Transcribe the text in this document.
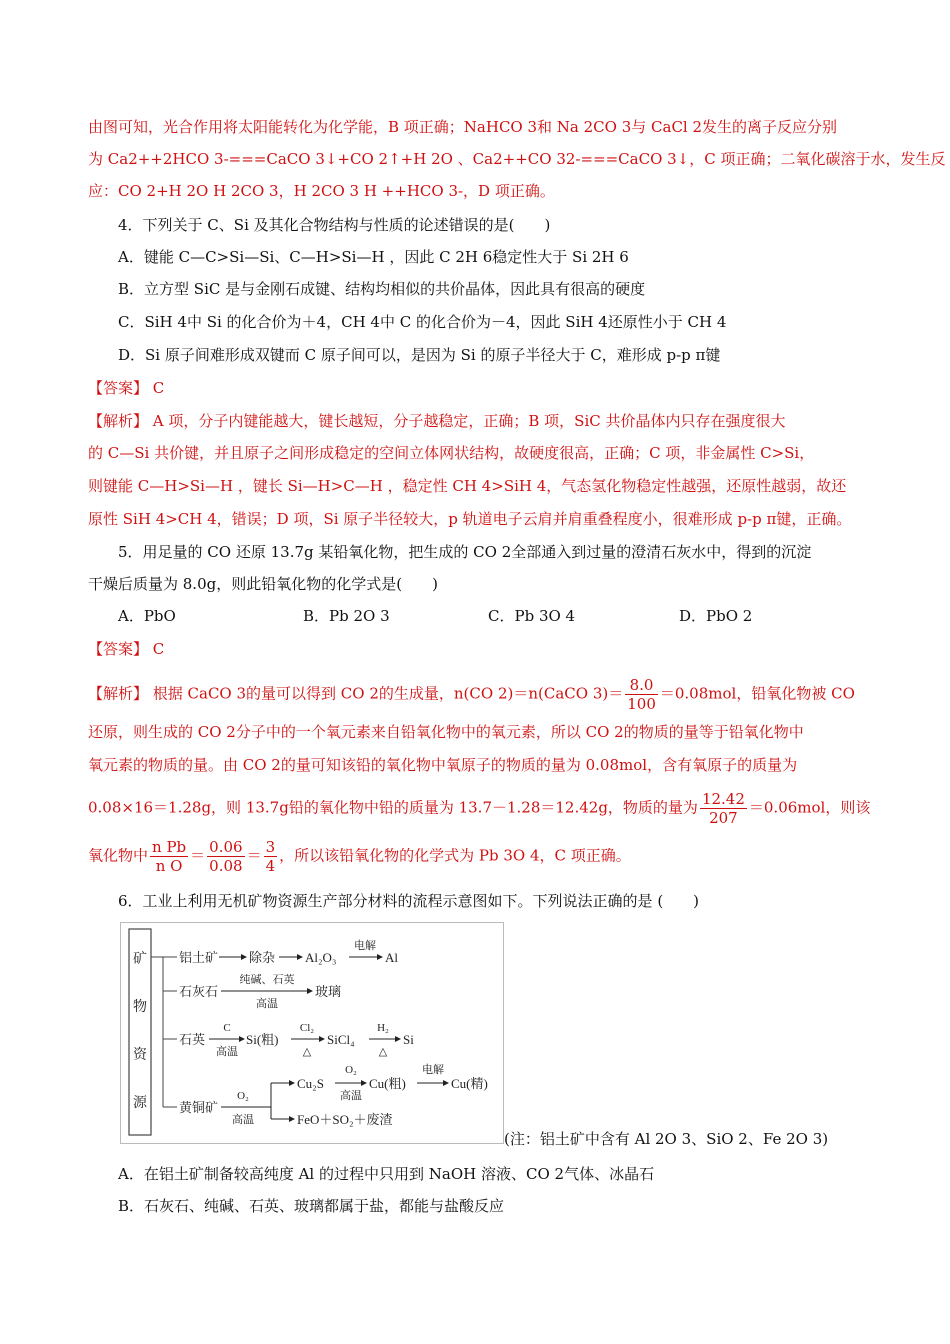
由图可知，光合作用将太阳能转化为化学能，B 项正确；NaHCO 3和 Na 2CO 3与 CaCl 2发生的离子反应分别
为 Ca2++2HCO 3-===CaCO 3↓+CO 2↑+H 2O 、Ca2++CO 32-===CaCO 3↓，C 项正确；二氧化碳溶于水，发生反
应：CO 2+H 2O H 2CO 3，H 2CO 3 H ++HCO 3-，D 项正确。
4．下列关于 C、Si 及其化合物结构与性质的论述错误的是(　　)
A．键能 C—C>Si—Si、C—H>Si—H ，因此 C 2H 6稳定性大于 Si 2H 6
B．立方型 SiC 是与金刚石成键、结构均相似的共价晶体，因此具有很高的硬度
C．SiH 4中 Si 的化合价为＋4，CH 4中 C 的化合价为－4，因此 SiH 4还原性小于 CH 4
D．Si 原子间难形成双键而 C 原子间可以，是因为 Si 的原子半径大于 C，难形成 p-p π键
【答案】 C
【解析】 A 项，分子内键能越大，键长越短，分子越稳定，正确；B 项，SiC 共价晶体内只存在强度很大
的 C—Si 共价键，并且原子之间形成稳定的空间立体网状结构，故硬度很高，正确；C 项，非金属性 C>Si，
则键能 C—H>Si—H ，键长 Si—H>C—H ，稳定性 CH 4>SiH 4，气态氢化物稳定性越强，还原性越弱，故还
原性 SiH 4>CH 4，错误；D 项，Si 原子半径较大，p 轨道电子云肩并肩重叠程度小，很难形成 p-p π键，正确。
5．用足量的 CO 还原 13.7g 某铅氧化物，把生成的 CO 2全部通入到过量的澄清石灰水中，得到的沉淀
干燥后质量为 8.0g，则此铅氧化物的化学式是(　　)
A．PbO	B．Pb 2O 3	C．Pb 3O 4	D．PbO 2
【答案】 C
【解析】 根据 CaCO 3的量可以得到 CO 2的生成量，n(CO 2)＝n(CaCO $3)= \frac{8.0}{100} =0.08mol$，铅氧化物被 CO
还原，则生成的 CO 2分子中的一个氧元素来自铅氧化物中的氧元素，所以 CO 2的物质的量等于铅氧化物中
氧元素的物质的量。由 CO 2的量可知该铅的氧化物中氧原子的物质的量为 0.08mol，含有氧原子的质量为
0.08×16＝1.28g，则 13.7g铅的氧化物中铅的质量为 13.7－1.28＝12.42g，物质的量为 $\frac{12.42}{207} =0.06mol$，则该
氧化物中 $\frac{\text{n Pb}}{\text{n O}} = \frac{0.06}{0.08} = \frac{3}{4}$ ，所以该铅氧化物的化学式为 Pb 3O 4，C 项正确。
6．工业上利用无机矿物资源生产部分材料的流程示意图如下。下列说法正确的是 (　　)
矿
物
资
源
铝土矿 除杂 Al₂O₃
电解
Al
石灰石
纯碱、石英
高温
玻璃
石英
C
高温
Si(粗)
Cl₂
△
SiCl₄
H₂
△
Si
黄铜矿
O₂
高温
Cu₂S
O₂
高温
Cu(粗)
电解
Cu(精)
FeO＋SO₂＋废渣
(注：铝土矿中含有 Al 2O 3、SiO 2、Fe 2O 3)
A．在铝土矿制备较高纯度 Al 的过程中只用到 NaOH 溶液、CO 2气体、冰晶石
B．石灰石、纯碱、石英、玻璃都属于盐，都能与盐酸反应
